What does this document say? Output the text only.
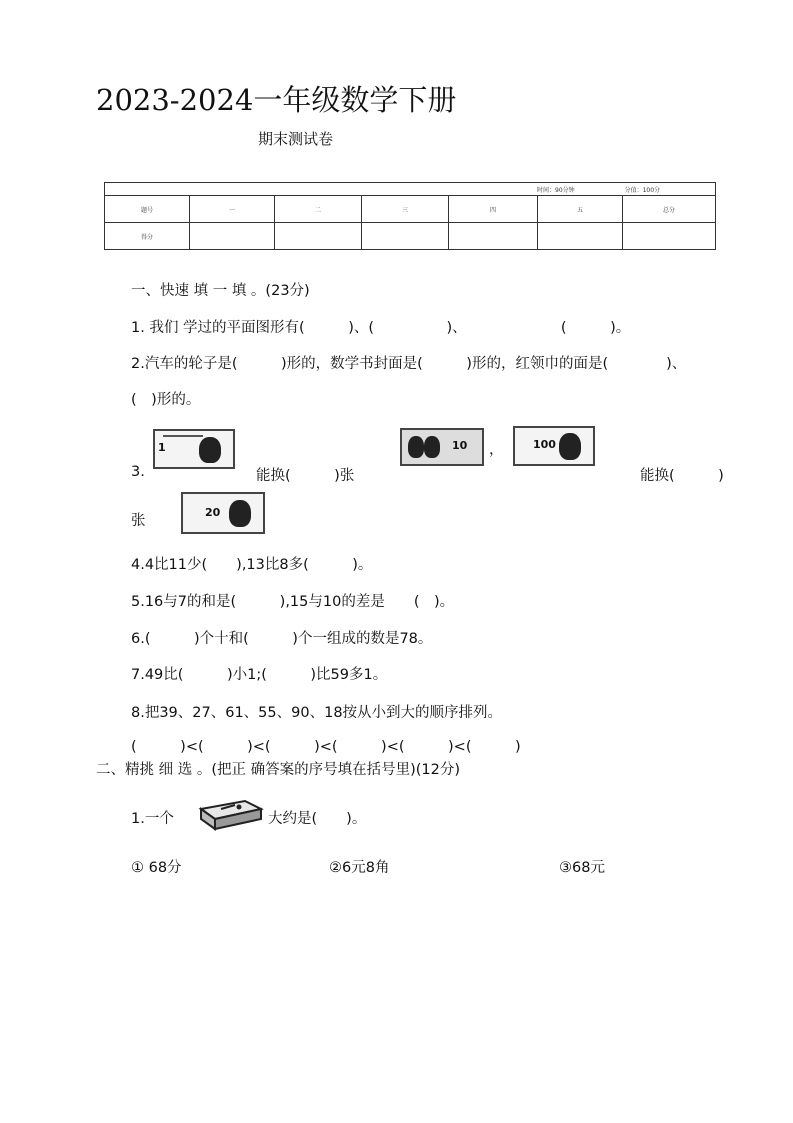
2023-2024一年级数学下册
期末测试卷
时间：90分钟 分值：100分						
题号	一	二	三	四	五	总分
得分						
一、快速 填 一 填 。(23分)
1. 我们 学过的平面图形有(　　　)、(　　　　　)、　　　　　　　(　　　)。
2.汽车的轮子是(　　　)形的，数学书封面是(　　　)形的，红领巾的面是(　　　　)、
(　)形的。
3.
1
能换(　　　)张
10 ，	100
能换(　　　)
张
20
4.4比11少(　　),13比8多(　　　)。
5.16与7的和是(　　　),15与10的差是　　(　)。
6.(　　　)个十和(　　　)个一组成的数是78。
7.49比(　　　)小1;(　　　)比59多1。
8.把39、27、61、55、90、18按从小到大的顺序排列。
(　　　)<(　　　)<(　　　)<(　　　)<(　　　)<(　　　)
二、精挑 细 选 。(把正 确答案的序号填在括号里)(12分)
1.一个	大约是(　　)。
① 68分	②6元8角	③68元
